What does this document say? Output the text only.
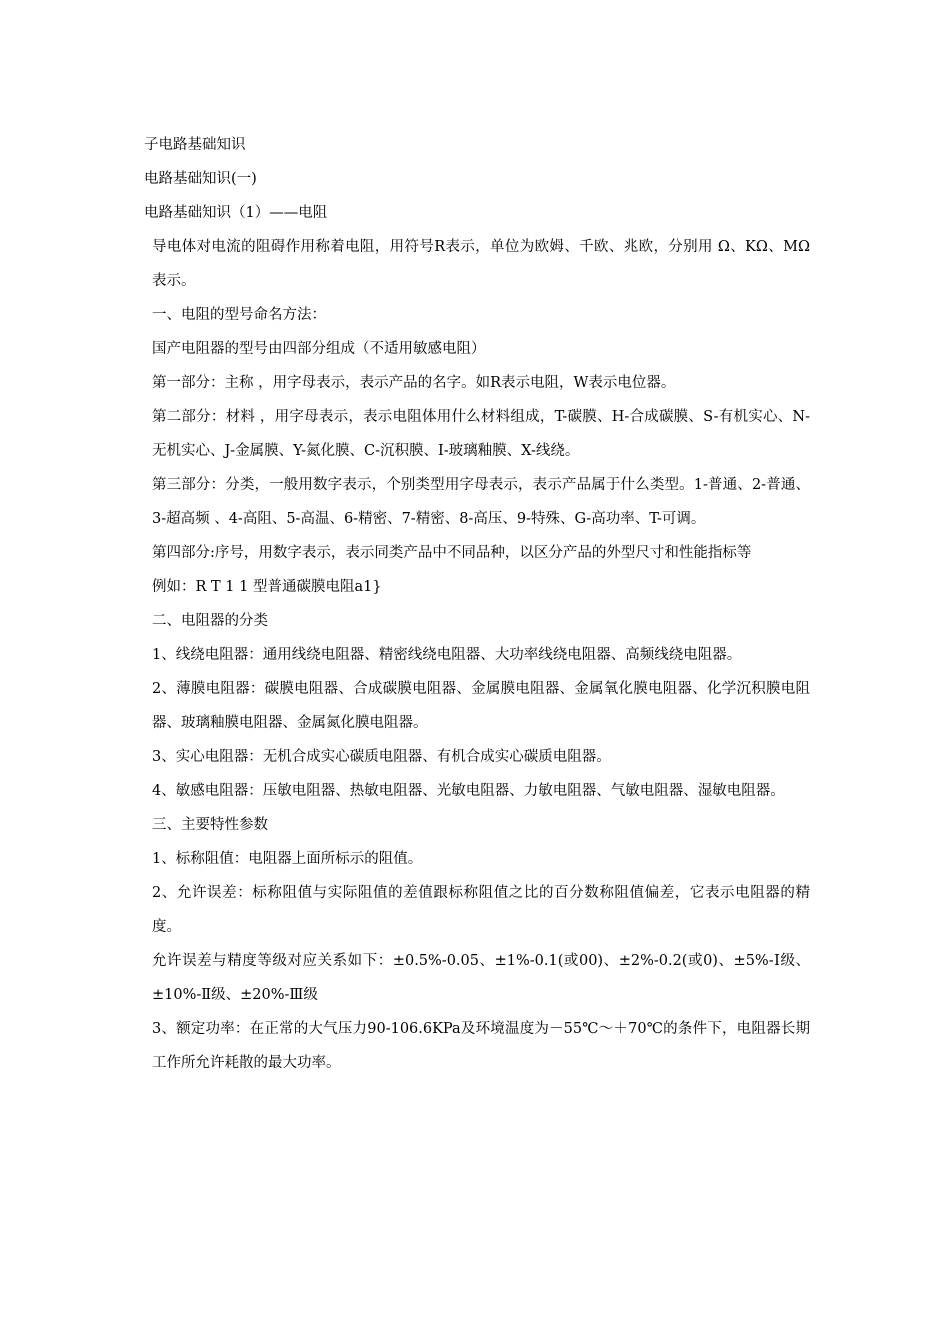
子电路基础知识
电路基础知识(一)
电路基础知识（1）——电阻
导电体对电流的阻碍作用称着电阻，用符号R表示，单位为欧姆、千欧、兆欧，分别用 Ω、KΩ、MΩ 表示。
一、电阻的型号命名方法：
国产电阻器的型号由四部分组成（不适用敏感电阻）
第一部分：主称 ，用字母表示，表示产品的名字。如R表示电阻，W表示电位器。
第二部分：材料 ，用字母表示，表示电阻体用什么材料组成，T-碳膜、H-合成碳膜、S-有机实心、N-无机实心、J-金属膜、Y-氮化膜、C-沉积膜、I-玻璃釉膜、X-线绕。
第三部分：分类，一般用数字表示，个别类型用字母表示，表示产品属于什么类型。1-普通、2-普通、3-超高频 、4-高阻、5-高温、6-精密、7-精密、8-高压、9-特殊、G-高功率、T-可调。
第四部分:序号，用数字表示，表示同类产品中不同品种，以区分产品的外型尺寸和性能指标等
例如：R T 1 1 型普通碳膜电阻a1}
二、电阻器的分类
1、线绕电阻器：通用线绕电阻器、精密线绕电阻器、大功率线绕电阻器、高频线绕电阻器。
2、薄膜电阻器：碳膜电阻器、合成碳膜电阻器、金属膜电阻器、金属氧化膜电阻器、化学沉积膜电阻器、玻璃釉膜电阻器、金属氮化膜电阻器。
3、实心电阻器：无机合成实心碳质电阻器、有机合成实心碳质电阻器。
4、敏感电阻器：压敏电阻器、热敏电阻器、光敏电阻器、力敏电阻器、气敏电阻器、湿敏电阻器。
三、主要特性参数
1、标称阻值：电阻器上面所标示的阻值。
2、允许误差：标称阻值与实际阻值的差值跟标称阻值之比的百分数称阻值偏差，它表示电阻器的精度。
允许误差与精度等级对应关系如下：±0.5%-0.05、±1%-0.1(或00)、±2%-0.2(或0)、±5%-Ⅰ级、±10%-Ⅱ级、±20%-Ⅲ级
3、额定功率：在正常的大气压力90-106.6KPa及环境温度为－55℃～＋70℃的条件下，电阻器长期工作所允许耗散的最大功率。
